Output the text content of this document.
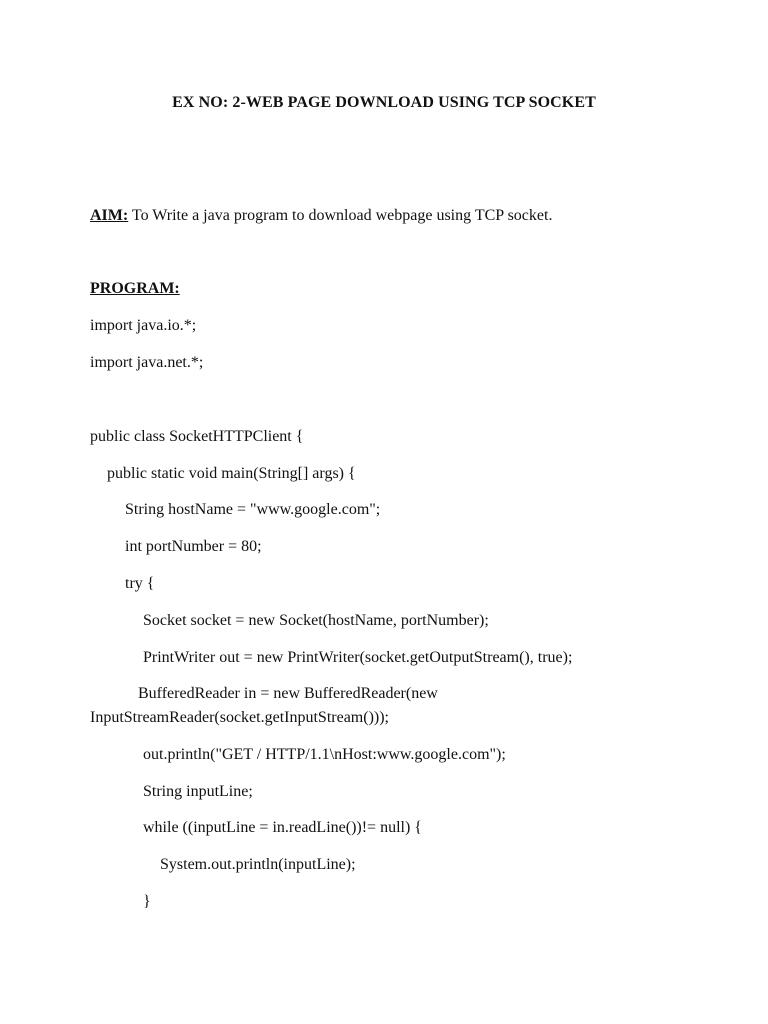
EX NO: 2-WEB PAGE DOWNLOAD USING TCP SOCKET
AIM: To Write a java program to download webpage using TCP socket.
PROGRAM:
import java.io.*;
import java.net.*;
public class SocketHTTPClient {
public static void main(String[] args) {
String hostName = "www.google.com";
int portNumber = 80;
try {
Socket socket = new Socket(hostName, portNumber);
PrintWriter out = new PrintWriter(socket.getOutputStream(), true);
BufferedReader in = new BufferedReader(new
InputStreamReader(socket.getInputStream()));
out.println("GET / HTTP/1.1\nHost:www.google.com");
String inputLine;
while ((inputLine = in.readLine())!= null) {
System.out.println(inputLine);
}
